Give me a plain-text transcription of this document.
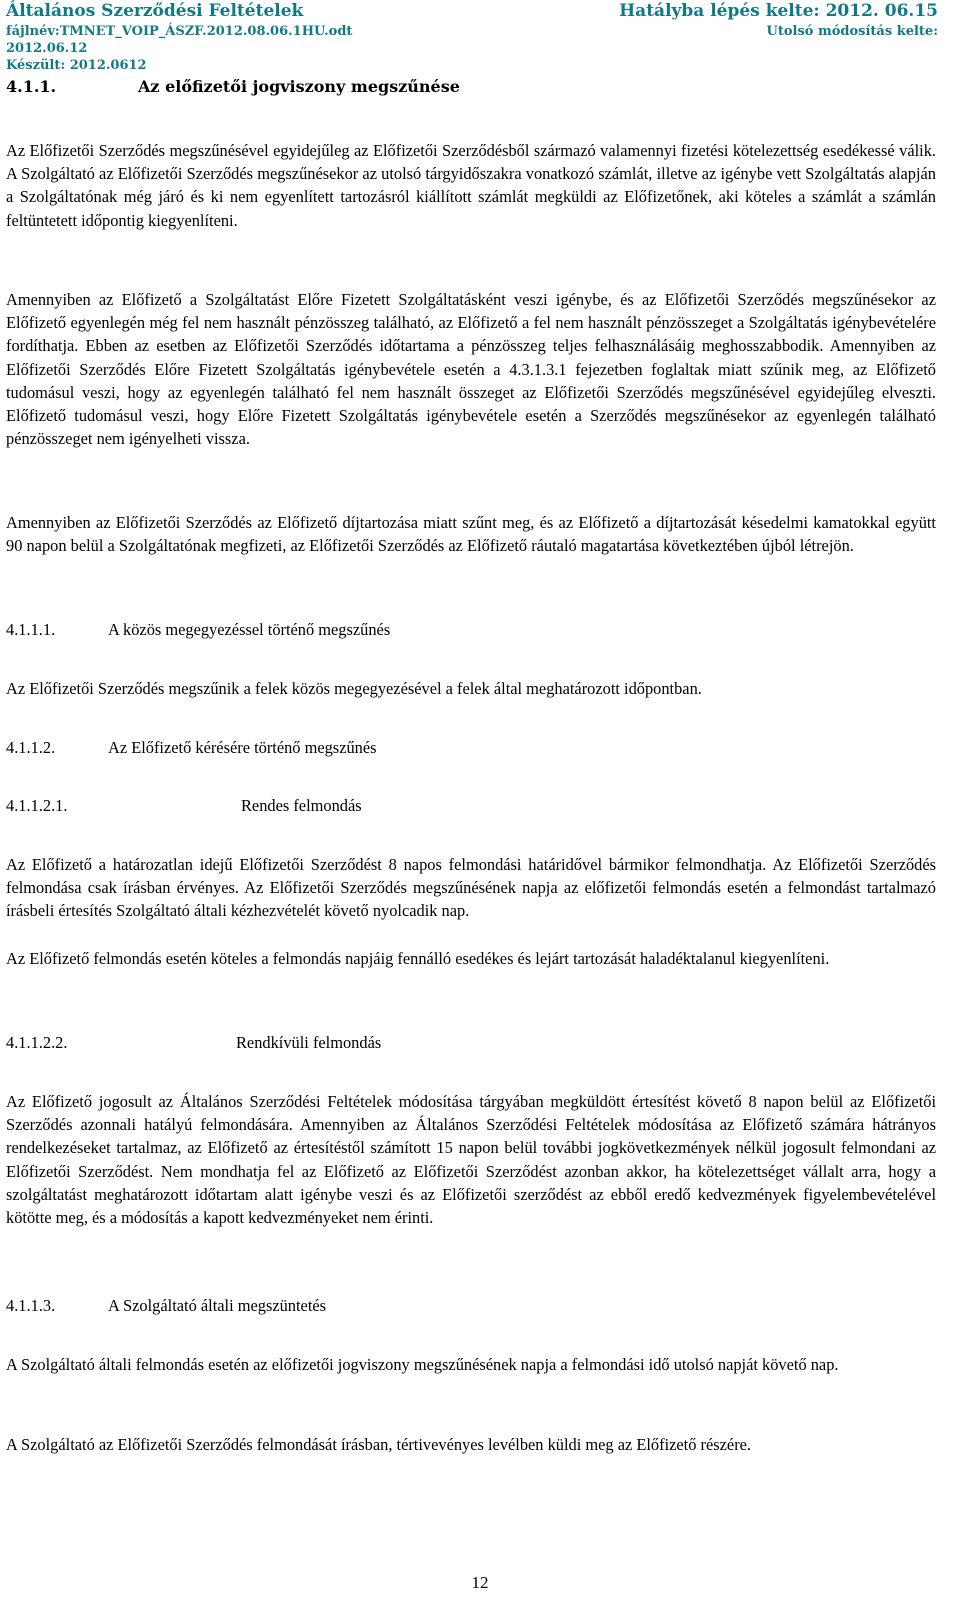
Általános Szerződési Feltételek	Hatályba lépés kelte: 2012. 06.15
fájlnév:TMNET_VOIP_ÁSZF.2012.08.06.1HU.odt	Utolsó módosítás kelte:
2012.06.12
Készült: 2012.0612
4.1.1.	Az előfizetői jogviszony megszűnése
Az Előfizetői Szerződés megszűnésével egyidejűleg az Előfizetői Szerződésből származó valamennyi fizetési kötelezettség esedékessé válik. A Szolgáltató az Előfizetői Szerződés megszűnésekor az utolsó tárgyidőszakra vonatkozó számlát, illetve az igénybe vett Szolgáltatás alapján a Szolgáltatónak még járó és ki nem egyenlített tartozásról kiállított számlát megküldi az Előfizetőnek, aki köteles a számlát a számlán feltüntetett időpontig kiegyenlíteni.
Amennyiben az Előfizető a Szolgáltatást Előre Fizetett Szolgáltatásként veszi igénybe, és az Előfizetői Szerződés megszűnésekor az Előfizető egyenlegén még fel nem használt pénzösszeg található, az Előfizető a fel nem használt pénzösszeget a Szolgáltatás igénybevételére fordíthatja. Ebben az esetben az Előfizetői Szerződés időtartama a pénzösszeg teljes felhasználásáig meghosszabbodik. Amennyiben az Előfizetői Szerződés Előre Fizetett Szolgáltatás igénybevétele esetén a 4.3.1.3.1 fejezetben foglaltak miatt szűnik meg, az Előfizető tudomásul veszi, hogy az egyenlegén található fel nem használt összeget az Előfizetői Szerződés megszűnésével egyidejűleg elveszti. Előfizető tudomásul veszi, hogy Előre Fizetett Szolgáltatás igénybevétele esetén a Szerződés megszűnésekor az egyenlegén található pénzösszeget nem igényelheti vissza.
Amennyiben az Előfizetői Szerződés az Előfizető díjtartozása miatt szűnt meg, és az Előfizető a díjtartozását késedelmi kamatokkal együtt 90 napon belül a Szolgáltatónak megfizeti, az Előfizetői Szerződés az Előfizető ráutaló magatartása következtében újból létrejön.
4.1.1.1.	A közös megegyezéssel történő megszűnés
Az Előfizetői Szerződés megszűnik a felek közös megegyezésével a felek által meghatározott időpontban.
4.1.1.2.	Az Előfizető kérésére történő megszűnés
4.1.1.2.1.	Rendes felmondás
Az Előfizető a határozatlan idejű Előfizetői Szerződést 8 napos felmondási határidővel bármikor felmondhatja. Az Előfizetői Szerződés felmondása csak írásban érvényes. Az Előfizetői Szerződés megszűnésének napja az előfizetői felmondás esetén a felmondást tartalmazó írásbeli értesítés Szolgáltató általi kézhezvételét követő nyolcadik nap.
Az Előfizető felmondás esetén köteles a felmondás napjáig fennálló esedékes és lejárt tartozását haladéktalanul kiegyenlíteni.
4.1.1.2.2.	Rendkívüli felmondás
Az Előfizető jogosult az Általános Szerződési Feltételek módosítása tárgyában megküldött értesítést követő 8 napon belül az Előfizetői Szerződés azonnali hatályú felmondására. Amennyiben az Általános Szerződési Feltételek módosítása az Előfizető számára hátrányos rendelkezéseket tartalmaz, az Előfizető az értesítéstől számított 15 napon belül további jogkövetkezmények nélkül jogosult felmondani az Előfizetői Szerződést. Nem mondhatja fel az Előfizető az Előfizetői Szerződést azonban akkor, ha kötelezettséget vállalt arra, hogy a szolgáltatást meghatározott időtartam alatt igénybe veszi és az Előfizetői szerződést az ebből eredő kedvezmények figyelembevételével kötötte meg, és a módosítás a kapott kedvezményeket nem érinti.
4.1.1.3.	A Szolgáltató általi megszüntetés
A Szolgáltató általi felmondás esetén az előfizetői jogviszony megszűnésének napja a felmondási idő utolsó napját követő nap.
A Szolgáltató az Előfizetői Szerződés felmondását írásban, tértivevényes levélben küldi meg az Előfizető részére.
12
